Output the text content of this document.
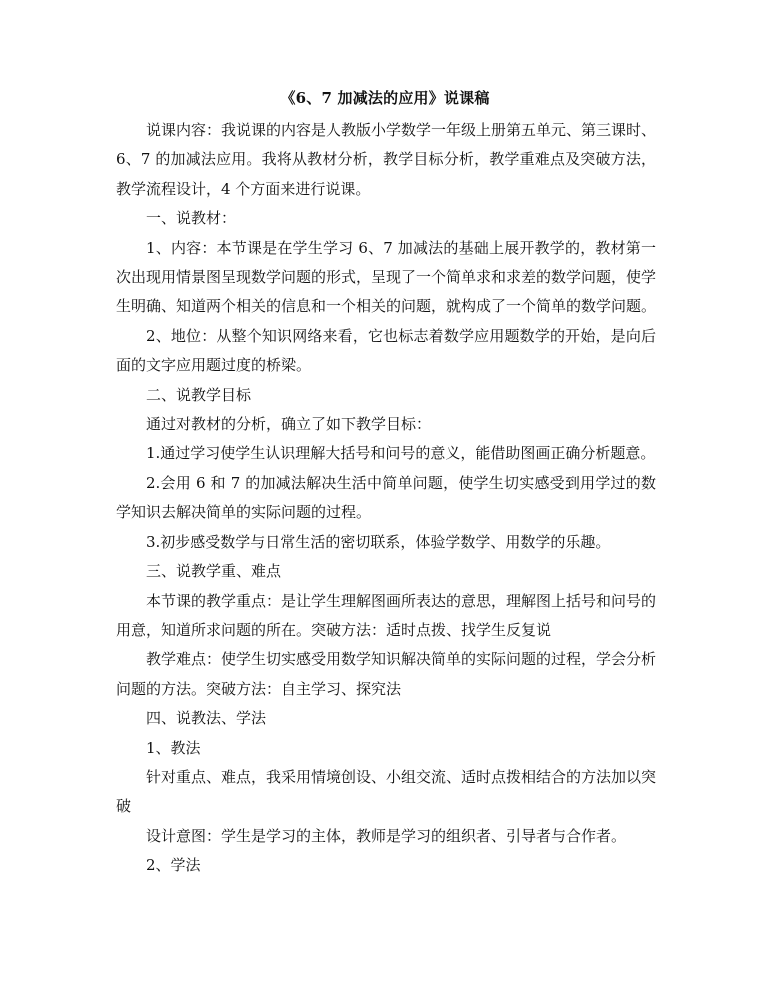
《6、7 加减法的应用》说课稿

说课内容：我说课的内容是人教版小学数学一年级上册第五单元、第三课时、6、7 的加减法应用。我将从教材分析，教学目标分析，教学重难点及突破方法，教学流程设计，4 个方面来进行说课。

一、说教材：

1、内容：本节课是在学生学习 6、7 加减法的基础上展开教学的，教材第一次出现用情景图呈现数学问题的形式，呈现了一个简单求和求差的数学问题，使学生明确、知道两个相关的信息和一个相关的问题，就构成了一个简单的数学问题。

2、地位：从整个知识网络来看，它也标志着数学应用题数学的开始，是向后面的文字应用题过度的桥梁。

二、说教学目标

通过对教材的分析，确立了如下教学目标：

1.通过学习使学生认识理解大括号和问号的意义，能借助图画正确分析题意。

2.会用 6 和 7 的加减法解决生活中简单问题，使学生切实感受到用学过的数学知识去解决简单的实际问题的过程。

3.初步感受数学与日常生活的密切联系，体验学数学、用数学的乐趣。

三、说教学重、难点

本节课的教学重点：是让学生理解图画所表达的意思，理解图上括号和问号的用意，知道所求问题的所在。突破方法：适时点拨、找学生反复说

教学难点：使学生切实感受用数学知识解决简单的实际问题的过程，学会分析问题的方法。突破方法：自主学习、探究法

四、说教法、学法

1、教法

针对重点、难点，我采用情境创设、小组交流、适时点拨相结合的方法加以突破

设计意图：学生是学习的主体，教师是学习的组织者、引导者与合作者。

2、学法
